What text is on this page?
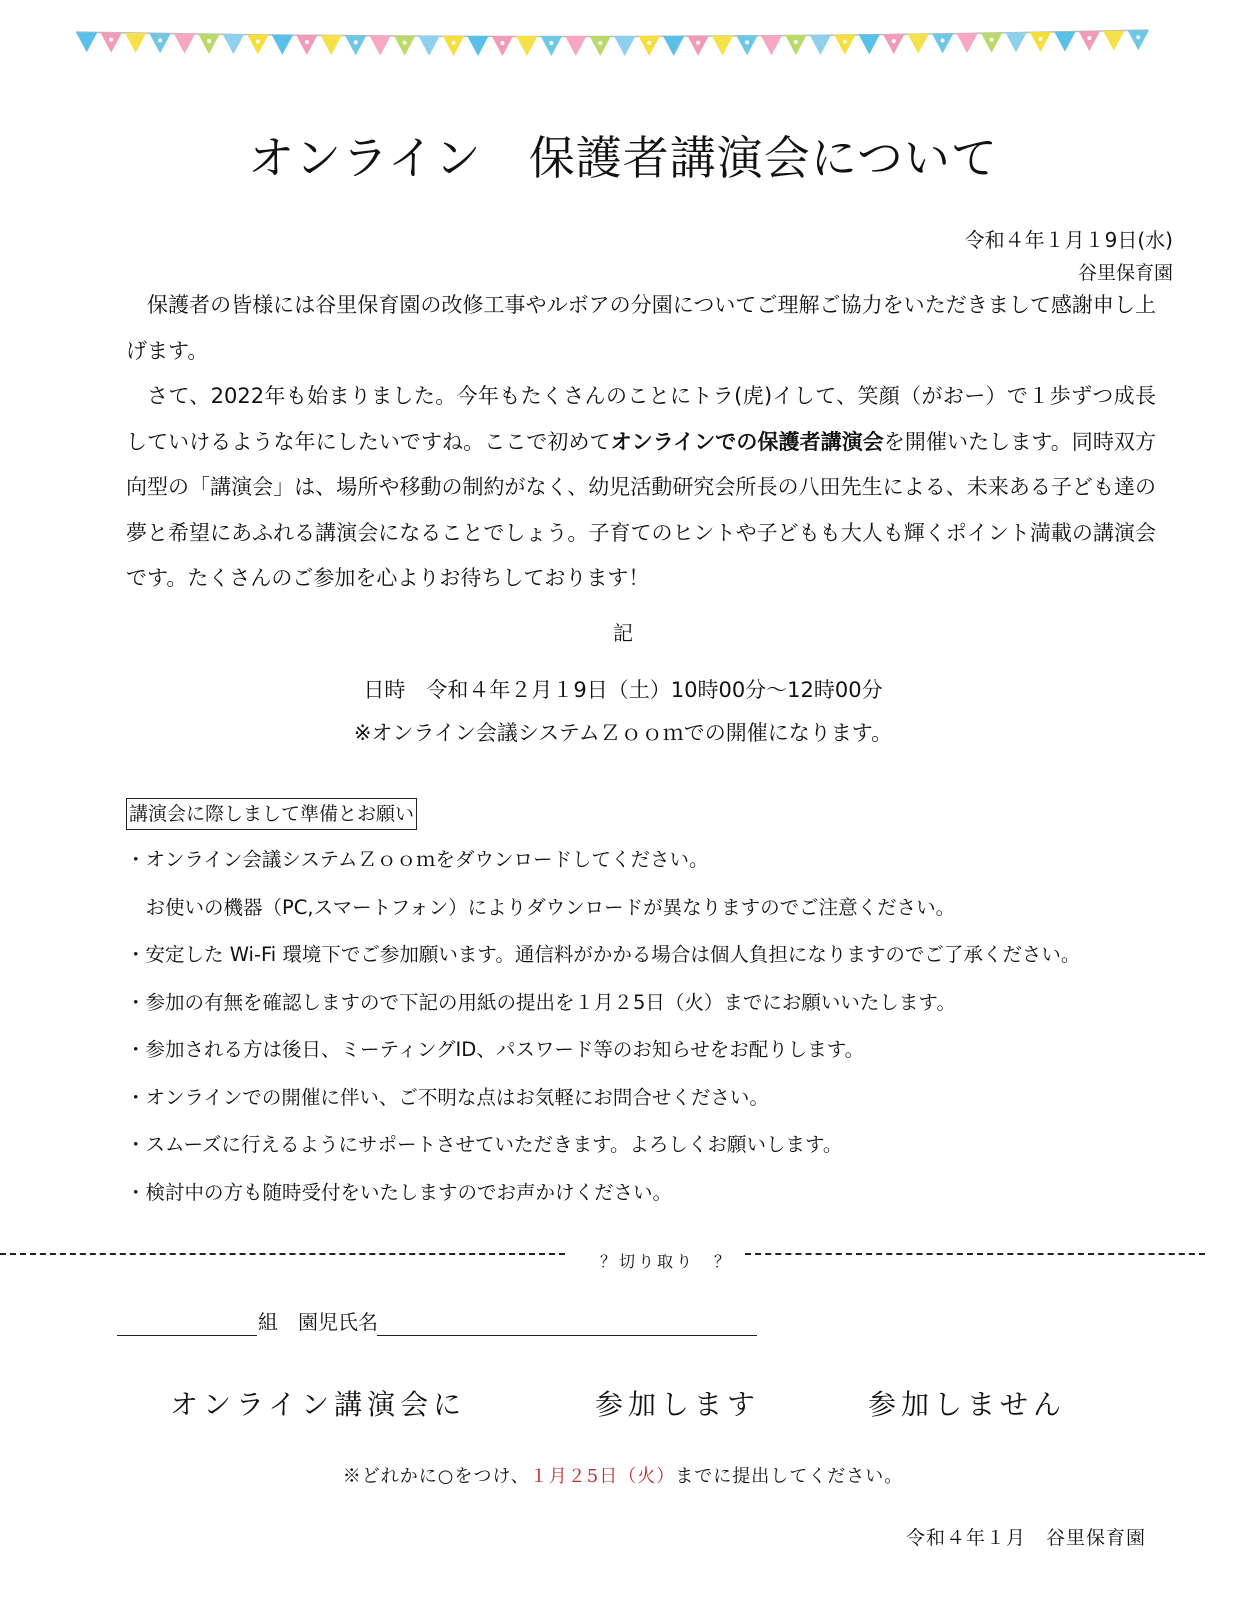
オンライン　保護者講演会について
令和４年１月１9日(水)
谷里保育園
保護者の皆様には谷里保育園の改修工事やルボアの分園についてご理解ご協力をいただきまして感謝申し上げます。
さて、2022年も始まりました。今年もたくさんのことにトラ(虎)イして、笑顔（がおー）で１歩ずつ成長していけるような年にしたいですね。ここで初めてオンラインでの保護者講演会を開催いたします。同時双方向型の「講演会」は、場所や移動の制約がなく、幼児活動研究会所長の八田先生による、未来ある子ども達の夢と希望にあふれる講演会になることでしょう。子育てのヒントや子どもも大人も輝くポイント満載の講演会です。たくさんのご参加を心よりお待ちしております！
記
日時　令和４年２月１9日（土）10時00分～12時00分
※オンライン会議システムＺｏｏｍでの開催になります。
講演会に際しまして準備とお願い
・オンライン会議システムＺｏｏｍをダウンロードしてください。
　お使いの機器（PC,スマートフォン）によりダウンロードが異なりますのでご注意ください。
・安定した Wi-Fi 環境下でご参加願います。通信料がかかる場合は個人負担になりますのでご了承ください。
・参加の有無を確認しますので下記の用紙の提出を１月２5日（火）までにお願いいたします。
・参加される方は後日、ミーティングID、パスワード等のお知らせをお配りします。
・オンラインでの開催に伴い、ご不明な点はお気軽にお問合せください。
・スムーズに行えるようにサポートさせていただきます。よろしくお願いします。
・検討中の方も随時受付をいたしますのでお声かけください。
？切り取り　？
組　園児氏名
オンライン講演会に	参加します	参加しません
※どれかに○をつけ、１月２5日（火）までに提出してください。
令和４年１月　谷里保育園
